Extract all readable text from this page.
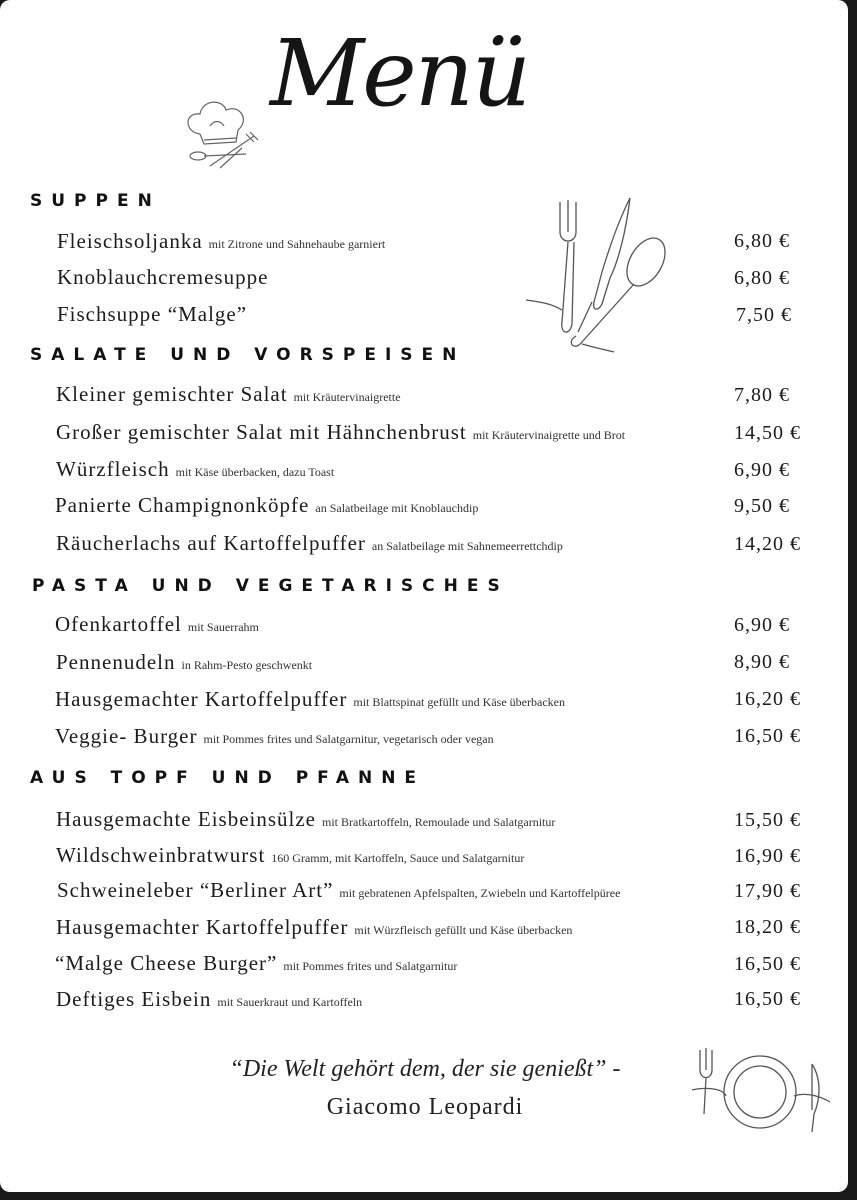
Menü
SUPPEN
Fleischsoljanka mit Zitrone und Sahnehaube garniert	6,80 €
Knoblauchcremesuppe	6,80 €
Fischsuppe “Malge”	7,50 €
SALATE UND VORSPEISEN
Kleiner gemischter Salat mit Kräutervinaigrette	7,80 €
Großer gemischter Salat mit Hähnchenbrust mit Kräutervinaigrette und Brot	14,50 €
Würzfleisch mit Käse überbacken, dazu Toast	6,90 €
Panierte Champignonköpfe an Salatbeilage mit Knoblauchdip	9,50 €
Räucherlachs auf Kartoffelpuffer an Salatbeilage mit Sahnemeerrettchdip	14,20 €
PASTA UND VEGETARISCHES
Ofenkartoffel mit Sauerrahm	6,90 €
Pennenudeln in Rahm-Pesto geschwenkt	8,90 €
Hausgemachter Kartoffelpuffer mit Blattspinat gefüllt und Käse überbacken	16,20 €
Veggie- Burger mit Pommes frites und Salatgarnitur, vegetarisch oder vegan	16,50 €
AUS TOPF UND PFANNE
Hausgemachte Eisbeinsülze mit Bratkartoffeln, Remoulade und Salatgarnitur	15,50 €
Wildschweinbratwurst 160 Gramm, mit Kartoffeln, Sauce und Salatgarnitur	16,90 €
Schweineleber “Berliner Art” mit gebratenen Apfelspalten, Zwiebeln und Kartoffelpüree	17,90 €
Hausgemachter Kartoffelpuffer mit Würzfleisch gefüllt und Käse überbacken	18,20 €
“Malge Cheese Burger” mit Pommes frites und Salatgarnitur	16,50 €
Deftiges Eisbein mit Sauerkraut und Kartoffeln	16,50 €
“Die Welt gehört dem, der sie genießt” -
Giacomo Leopardi
